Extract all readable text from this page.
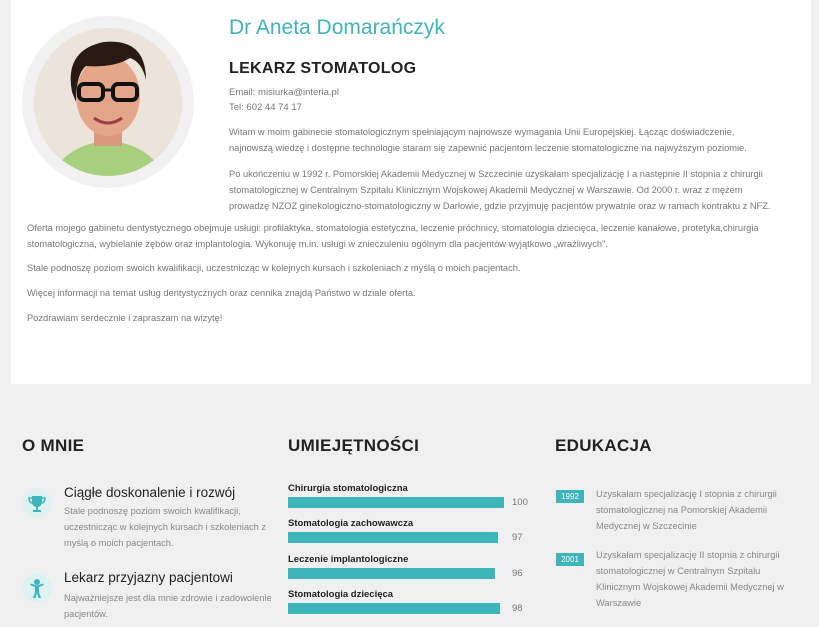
Dr Aneta Domarańczyk
LEKARZ STOMATOLOG
Email: misiurka@interia.pl
Tel: 602 44 74 17

Witam w moim gabinecie stomatologicznym spełniającym najnowsze wymagania Unii Europejskiej. Łącząc doświadczenie, najnowszą wiedzę i dostępne technologie staram się zapewnić pacjentom leczenie stomatologiczne na najwyższym poziomie.

Po ukończeniu w 1992 r. Pomorskiej Akademii Medycznej w Szczecinie uzyskałam specjalizację I a następnie II stopnia z chirurgii stomatologicznej w Centralnym Szpitalu Klinicznym Wojskowej Akademii Medycznej w Warszawie. Od 2000 r. wraz z mężem prowadzę NZOZ ginekologiczno-stomatologiczny w Darłowie, gdzie przyjmuję pacjentów prywatnie oraz w ramach kontraktu z NFZ.

Oferta mojego gabinetu dentystycznego obejmuje usługi: profilaktyka, stomatologia estetyczna, leczenie próchnicy, stomatologia dziecięca, leczenie kanałowe, protetyka,chirurgia stomatologiczna, wybielanie zębów oraz implantologia. Wykonuję m.in. usługi w znieczuleniu ogólnym dla pacjentów wyjątkowo „wrażliwych".

Stale podnoszę poziom swoich kwalifikacji, uczestnicząc w kolejnych kursach i szkoleniach z myślą o moich pacjentach.

Więcej informacji na temat usług dentystycznych oraz cennika znajdą Państwo w dziale oferta.

Pozdrawiam serdecznie i zapraszam na wizytę!

O MNIE
Ciągłe doskonalenie i rozwój

Stale podnoszę poziom swoich kwalifikacji, uczestnicząc w kolejnych kursach i szkoleniach z myślą o moich pacjentach.

Lekarz przyjazny pacjentowi

Najważniejsze jest dla mnie zdrowie i zadowolenie pacjentów.

UMIEJĘTNOŚCI
Chirurgia stomatologiczna
100
Stomatologia zachowawcza
97
Leczenie implantologiczne
96
Stomatologia dziecięca
98
EDUKACJA
1992	Uzyskałam specjalizację I stopnia z chirurgii stomatologicznej na Pomorskiej Akademii Medycznej w Szczecinie

2001	Uzyskałam specjalizację II stopnia z chirurgii stomatologicznej w Centralnym Szpitalu Klinicznym Wojskowej Akademii Medycznej w Warszawie
